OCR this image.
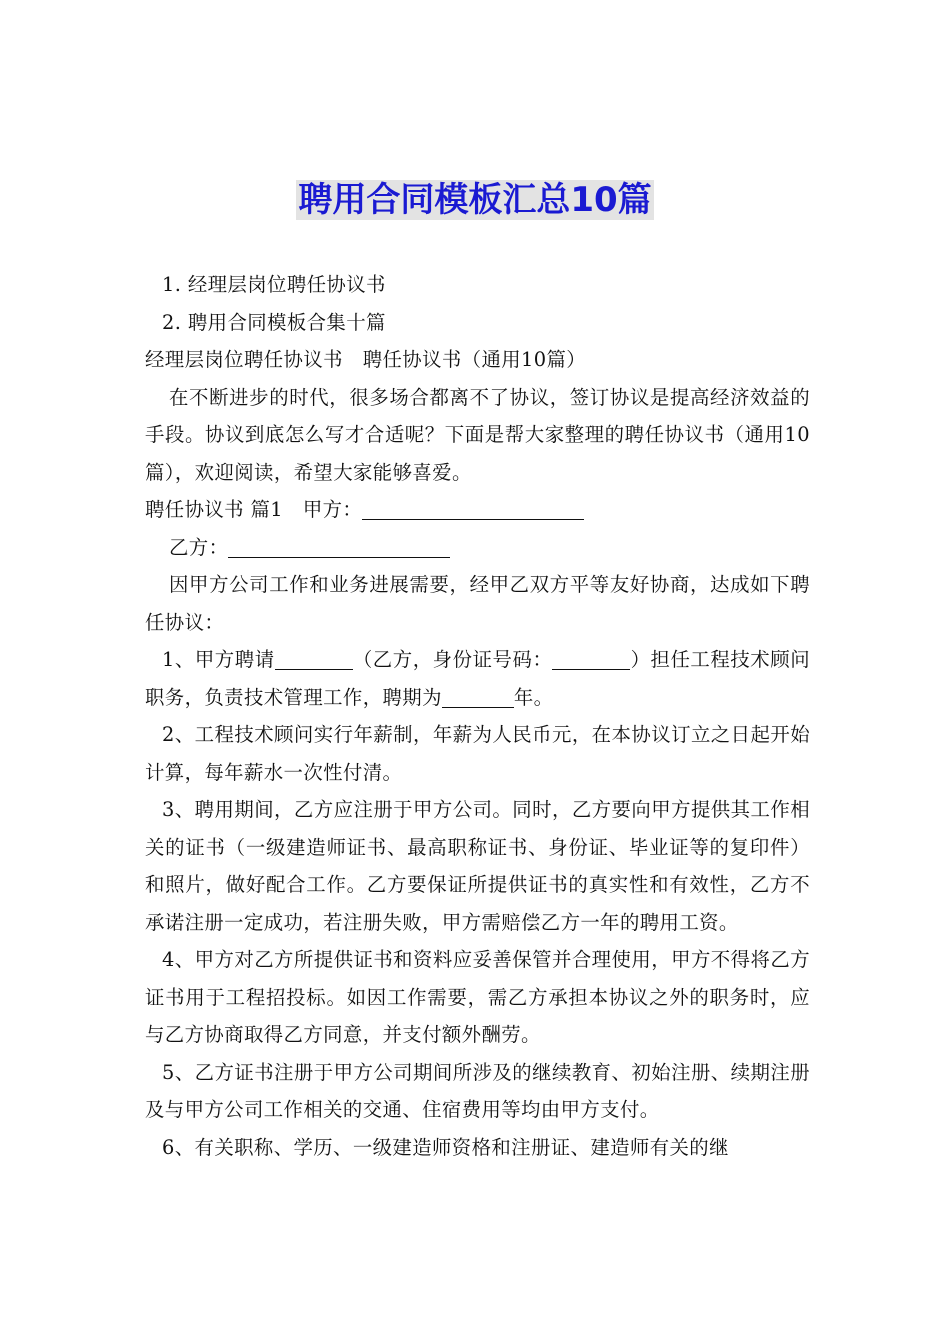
聘用合同模板汇总10篇

1. 经理层岗位聘任协议书

2. 聘用合同模板合集十篇

经理层岗位聘任协议书　聘任协议书（通用10篇）

在不断进步的时代，很多场合都离不了协议，签订协议是提高经济效益的手段。协议到底怎么写才合适呢？下面是帮大家整理的聘任协议书（通用10篇），欢迎阅读，希望大家能够喜爱。

聘任协议书 篇1　甲方：

乙方：

因甲方公司工作和业务进展需要，经甲乙双方平等友好协商，达成如下聘任协议：

1、甲方聘请	（乙方，身份证号码：	）担任工程技术顾问职务，负责技术管理工作，聘期为	年。

2、工程技术顾问实行年薪制，年薪为人民币元，在本协议订立之日起开始计算，每年薪水一次性付清。

3、聘用期间，乙方应注册于甲方公司。同时，乙方要向甲方提供其工作相关的证书（一级建造师证书、最高职称证书、身份证、毕业证等的复印件）和照片，做好配合工作。乙方要保证所提供证书的真实性和有效性，乙方不承诺注册一定成功，若注册失败，甲方需赔偿乙方一年的聘用工资。

4、甲方对乙方所提供证书和资料应妥善保管并合理使用，甲方不得将乙方证书用于工程招投标。如因工作需要，需乙方承担本协议之外的职务时，应与乙方协商取得乙方同意，并支付额外酬劳。

5、乙方证书注册于甲方公司期间所涉及的继续教育、初始注册、续期注册及与甲方公司工作相关的交通、住宿费用等均由甲方支付。

6、有关职称、学历、一级建造师资格和注册证、建造师有关的继
